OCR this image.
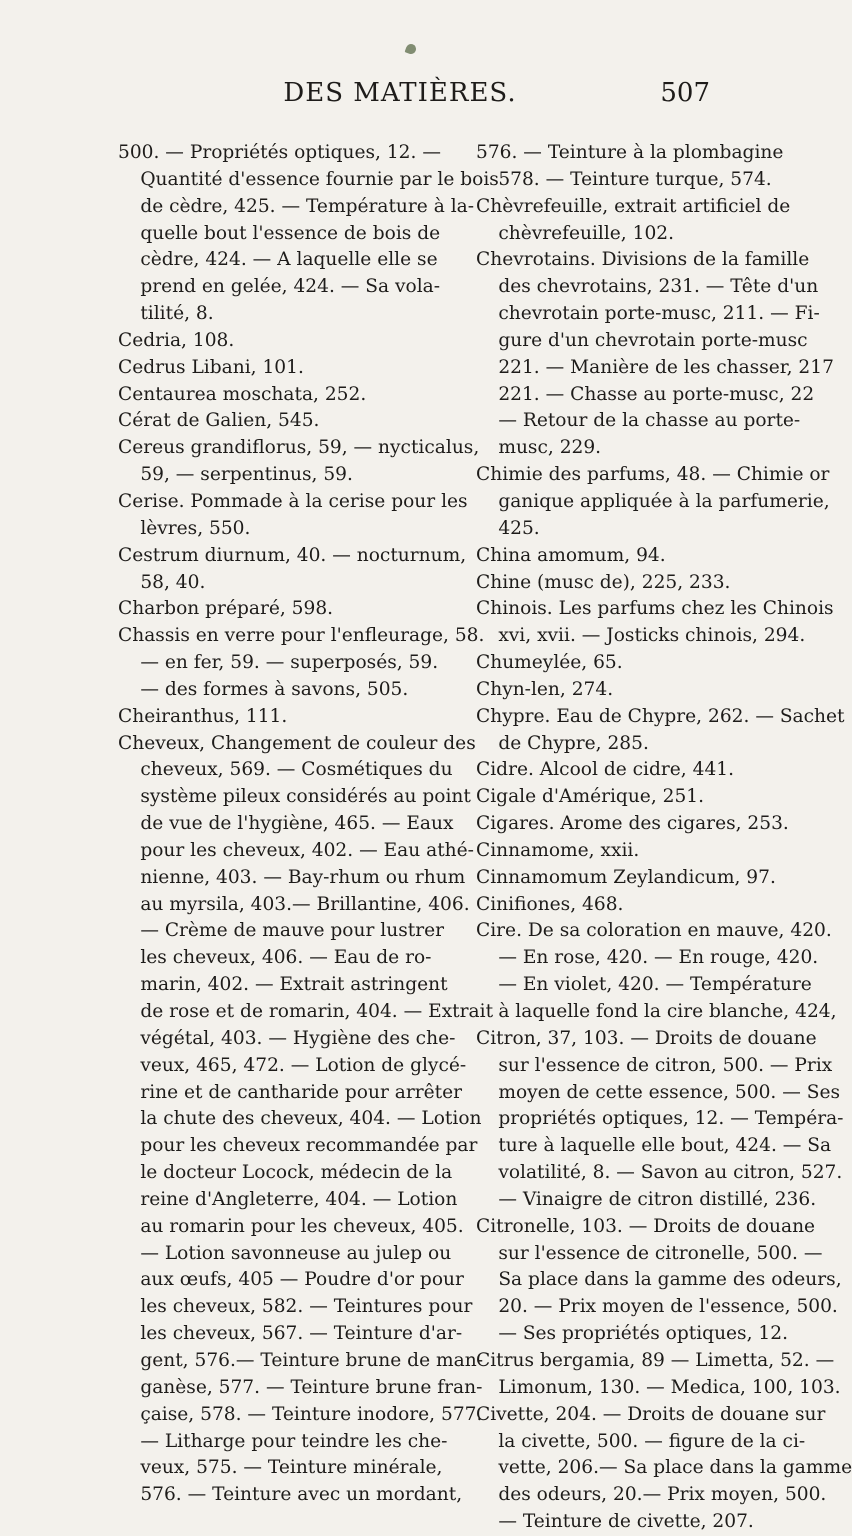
DES MATIÈRES.	507

500. — Propriétés optiques, 12. —
Quantité d'essence fournie par le bois
de cèdre, 425. — Température à la-
quelle bout l'essence de bois de
cèdre, 424. — A laquelle elle se
prend en gelée, 424. — Sa vola-
tilité, 8.

Cedria, 108.

Cedrus Libani, 101.

Centaurea moschata, 252.

Cérat de Galien, 545.

Cereus grandiflorus, 59, — nycticalus,
59, — serpentinus, 59.

Cerise. Pommade à la cerise pour les
lèvres, 550.

Cestrum diurnum, 40. — nocturnum,
58, 40.

Charbon préparé, 598.

Chassis en verre pour l'enfleurage, 58.
— en fer, 59. — superposés, 59.
— des formes à savons, 505.

Cheiranthus, 111.

Cheveux, Changement de couleur des
cheveux, 569. — Cosmétiques du
système pileux considérés au point
de vue de l'hygiène, 465. — Eaux
pour les cheveux, 402. — Eau athé-
nienne, 403. — Bay-rhum ou rhum
au myrsila, 403.— Brillantine, 406.
— Crème de mauve pour lustrer
les cheveux, 406. — Eau de ro-
marin, 402. — Extrait astringent
de rose et de romarin, 404. — Extrait
végétal, 403. — Hygiène des che-
veux, 465, 472. — Lotion de glycé-
rine et de cantharide pour arrêter
la chute des cheveux, 404. — Lotion
pour les cheveux recommandée par
le docteur Locock, médecin de la
reine d'Angleterre, 404. — Lotion
au romarin pour les cheveux, 405.
— Lotion savonneuse au julep ou
aux œufs, 405 — Poudre d'or pour
les cheveux, 582. — Teintures pour
les cheveux, 567. — Teinture d'ar-
gent, 576.— Teinture brune de man-
ganèse, 577. — Teinture brune fran-
çaise, 578. — Teinture inodore, 577.
— Litharge pour teindre les che-
veux, 575. — Teinture minérale,
576. — Teinture avec un mordant,

576. — Teinture à la plombagine
578. — Teinture turque, 574.

Chèvrefeuille, extrait artificiel de
chèvrefeuille, 102.

Chevrotains. Divisions de la famille
des chevrotains, 231. — Tête d'un
chevrotain porte-musc, 211. — Fi-
gure d'un chevrotain porte-musc
221. — Manière de les chasser, 217
221. — Chasse au porte-musc, 22
— Retour de la chasse au porte-
musc, 229.

Chimie des parfums, 48. — Chimie or
ganique appliquée à la parfumerie,
425.

China amomum, 94.

Chine (musc de), 225, 233.

Chinois. Les parfums chez les Chinois
xvi, xvii. — Josticks chinois, 294.

Chumeylée, 65.

Chyn-len, 274.

Chypre. Eau de Chypre, 262. — Sachet
de Chypre, 285.

Cidre. Alcool de cidre, 441.

Cigale d'Amérique, 251.

Cigares. Arome des cigares, 253.

Cinnamome, xxii.

Cinnamomum Zeylandicum, 97.

Cinifiones, 468.

Cire. De sa coloration en mauve, 420.
— En rose, 420. — En rouge, 420.
— En violet, 420. — Température
à laquelle fond la cire blanche, 424,

Citron, 37, 103. — Droits de douane
sur l'essence de citron, 500. — Prix
moyen de cette essence, 500. — Ses
propriétés optiques, 12. — Tempéra-
ture à laquelle elle bout, 424. — Sa
volatilité, 8. — Savon au citron, 527.
— Vinaigre de citron distillé, 236.

Citronelle, 103. — Droits de douane
sur l'essence de citronelle, 500. —
Sa place dans la gamme des odeurs,
20. — Prix moyen de l'essence, 500.
— Ses propriétés optiques, 12.

Citrus bergamia, 89 — Limetta, 52. —
Limonum, 130. — Medica, 100, 103.

Civette, 204. — Droits de douane sur
la civette, 500. — figure de la ci-
vette, 206.— Sa place dans la gamme
des odeurs, 20.— Prix moyen, 500.
— Teinture de civette, 207.
